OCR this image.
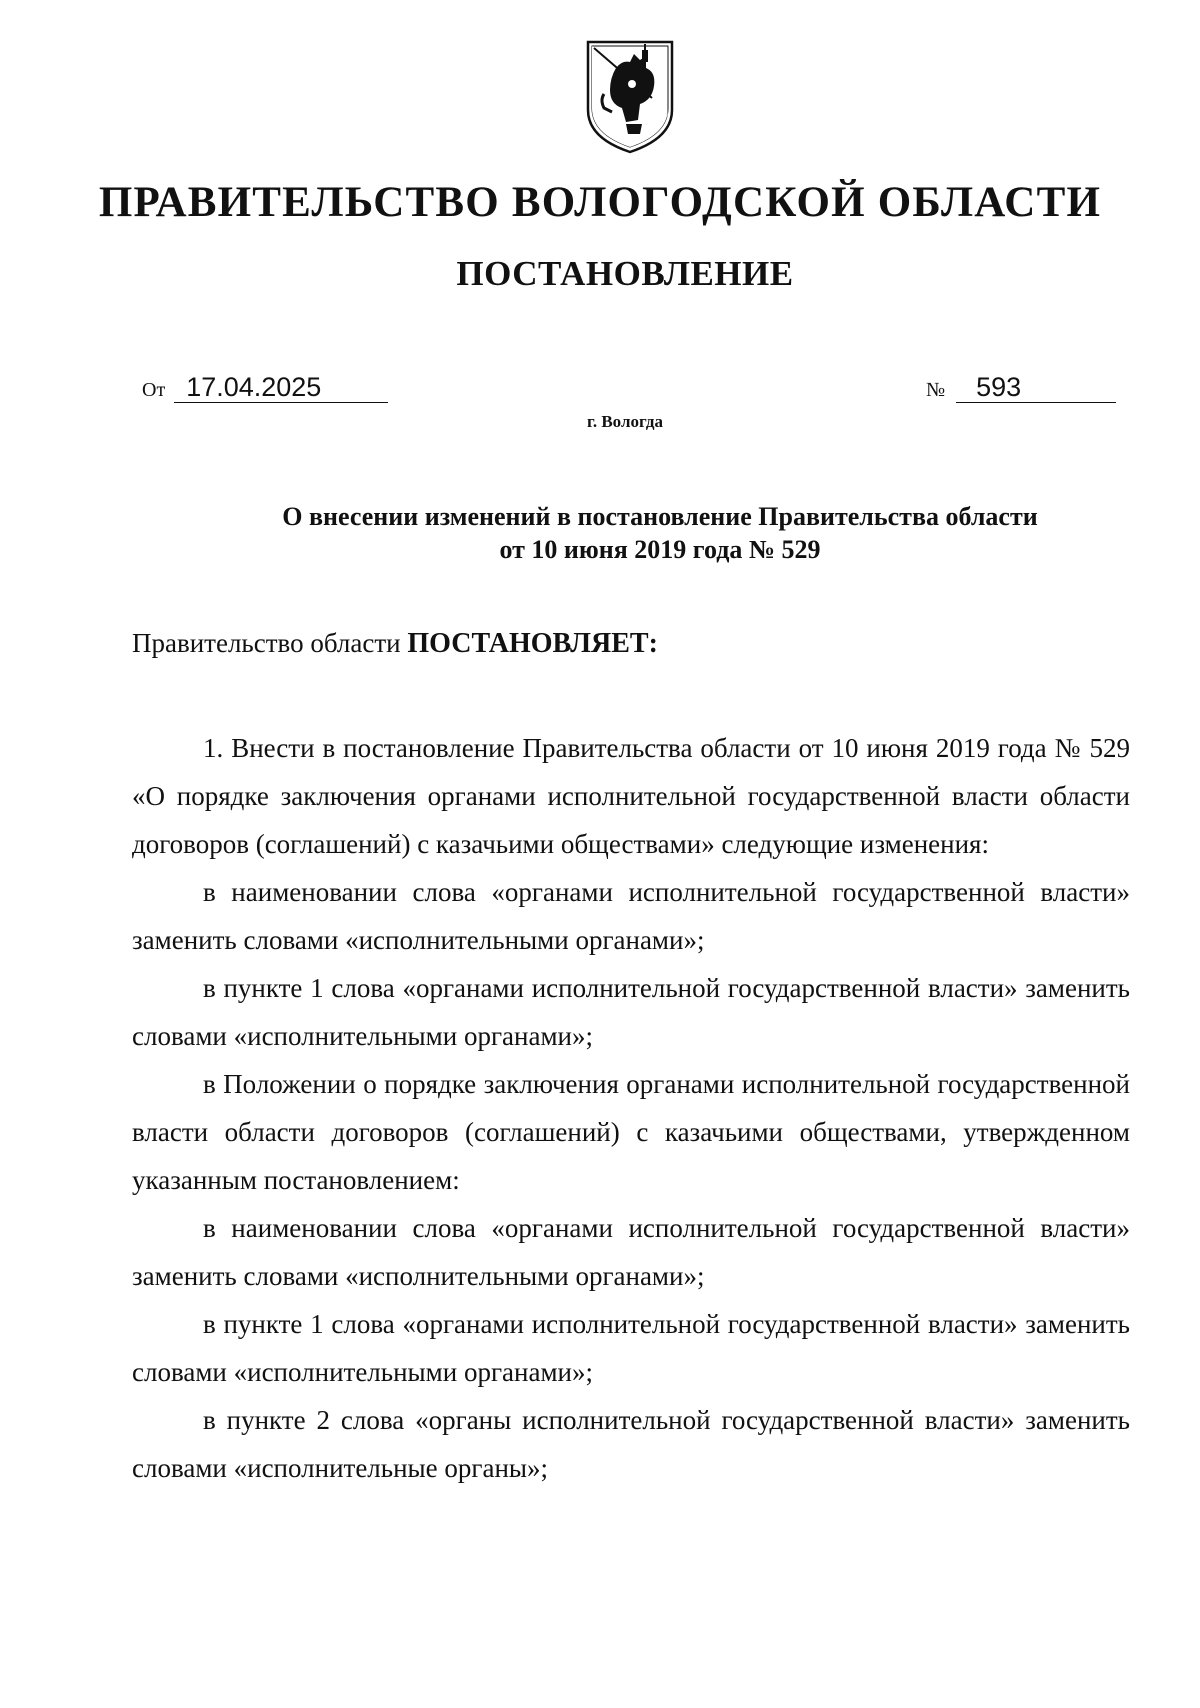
ПРАВИТЕЛЬСТВО ВОЛОГОДСКОЙ ОБЛАСТИ
ПОСТАНОВЛЕНИЕ
От 17.04.2025	№ 593
г. Вологда
О внесении изменений в постановление Правительства области
от 10 июня 2019 года № 529
Правительство области ПОСТАНОВЛЯЕТ:

1. Внести в постановление Правительства области от 10 июня 2019 года № 529 «О порядке заключения органами исполнительной государственной власти области договоров (соглашений) с казачьими обществами» следующие изменения:

в наименовании слова «органами исполнительной государственной власти» заменить словами «исполнительными органами»;

в пункте 1 слова «органами исполнительной государственной власти» заменить словами «исполнительными органами»;

в Положении о порядке заключения органами исполнительной государственной власти области договоров (соглашений) с казачьими обществами, утвержденном указанным постановлением:

в наименовании слова «органами исполнительной государственной власти» заменить словами «исполнительными органами»;

в пункте 1 слова «органами исполнительной государственной власти» заменить словами «исполнительными органами»;

в пункте 2 слова «органы исполнительной государственной власти» заменить словами «исполнительные органы»;
